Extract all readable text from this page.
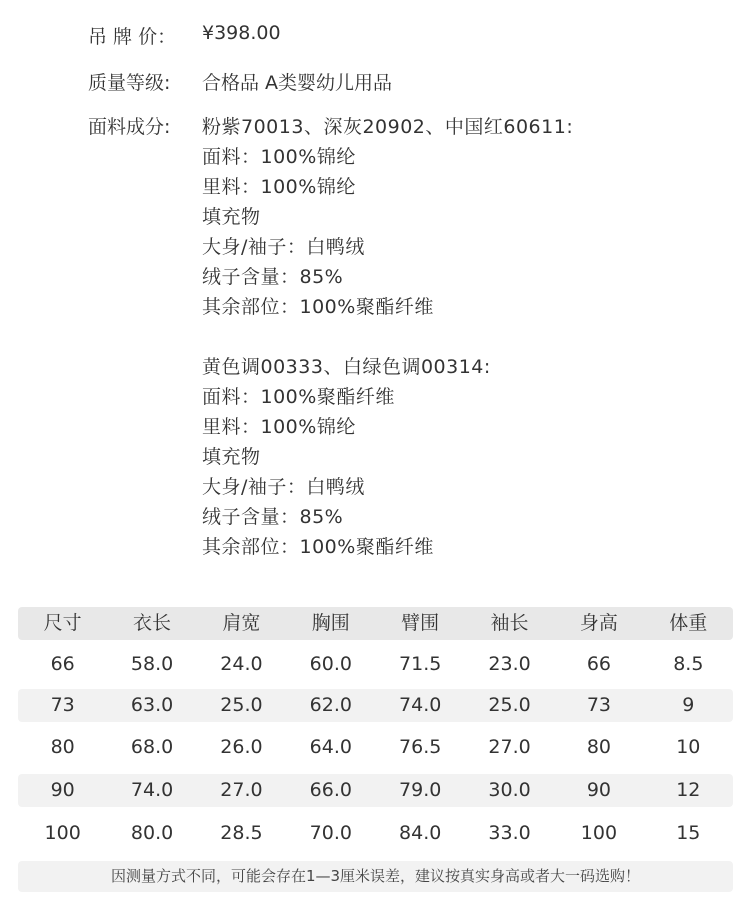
吊 牌 价： ¥398.00
质量等级: 合格品 A类婴幼儿用品
面料成分: 粉紫70013、深灰20902、中国红60611:
面料：100%锦纶
里料：100%锦纶
填充物
大身/袖子：白鸭绒
绒子含量：85%
其余部位：100%聚酯纤维
黄色调00333、白绿色调00314:
面料：100%聚酯纤维
里料：100%锦纶
填充物
大身/袖子：白鸭绒
绒子含量：85%
其余部位：100%聚酯纤维
尺寸	衣长	肩宽	胸围	臂围	袖长	身高	体重
66	58.0	24.0	60.0	71.5	23.0	66	8.5
73	63.0	25.0	62.0	74.0	25.0	73	9
80	68.0	26.0	64.0	76.5	27.0	80	10
90	74.0	27.0	66.0	79.0	30.0	90	12
100	80.0	28.5	70.0	84.0	33.0	100	15
因测量方式不同，可能会存在1—3厘米误差，建议按真实身高或者大一码选购！
